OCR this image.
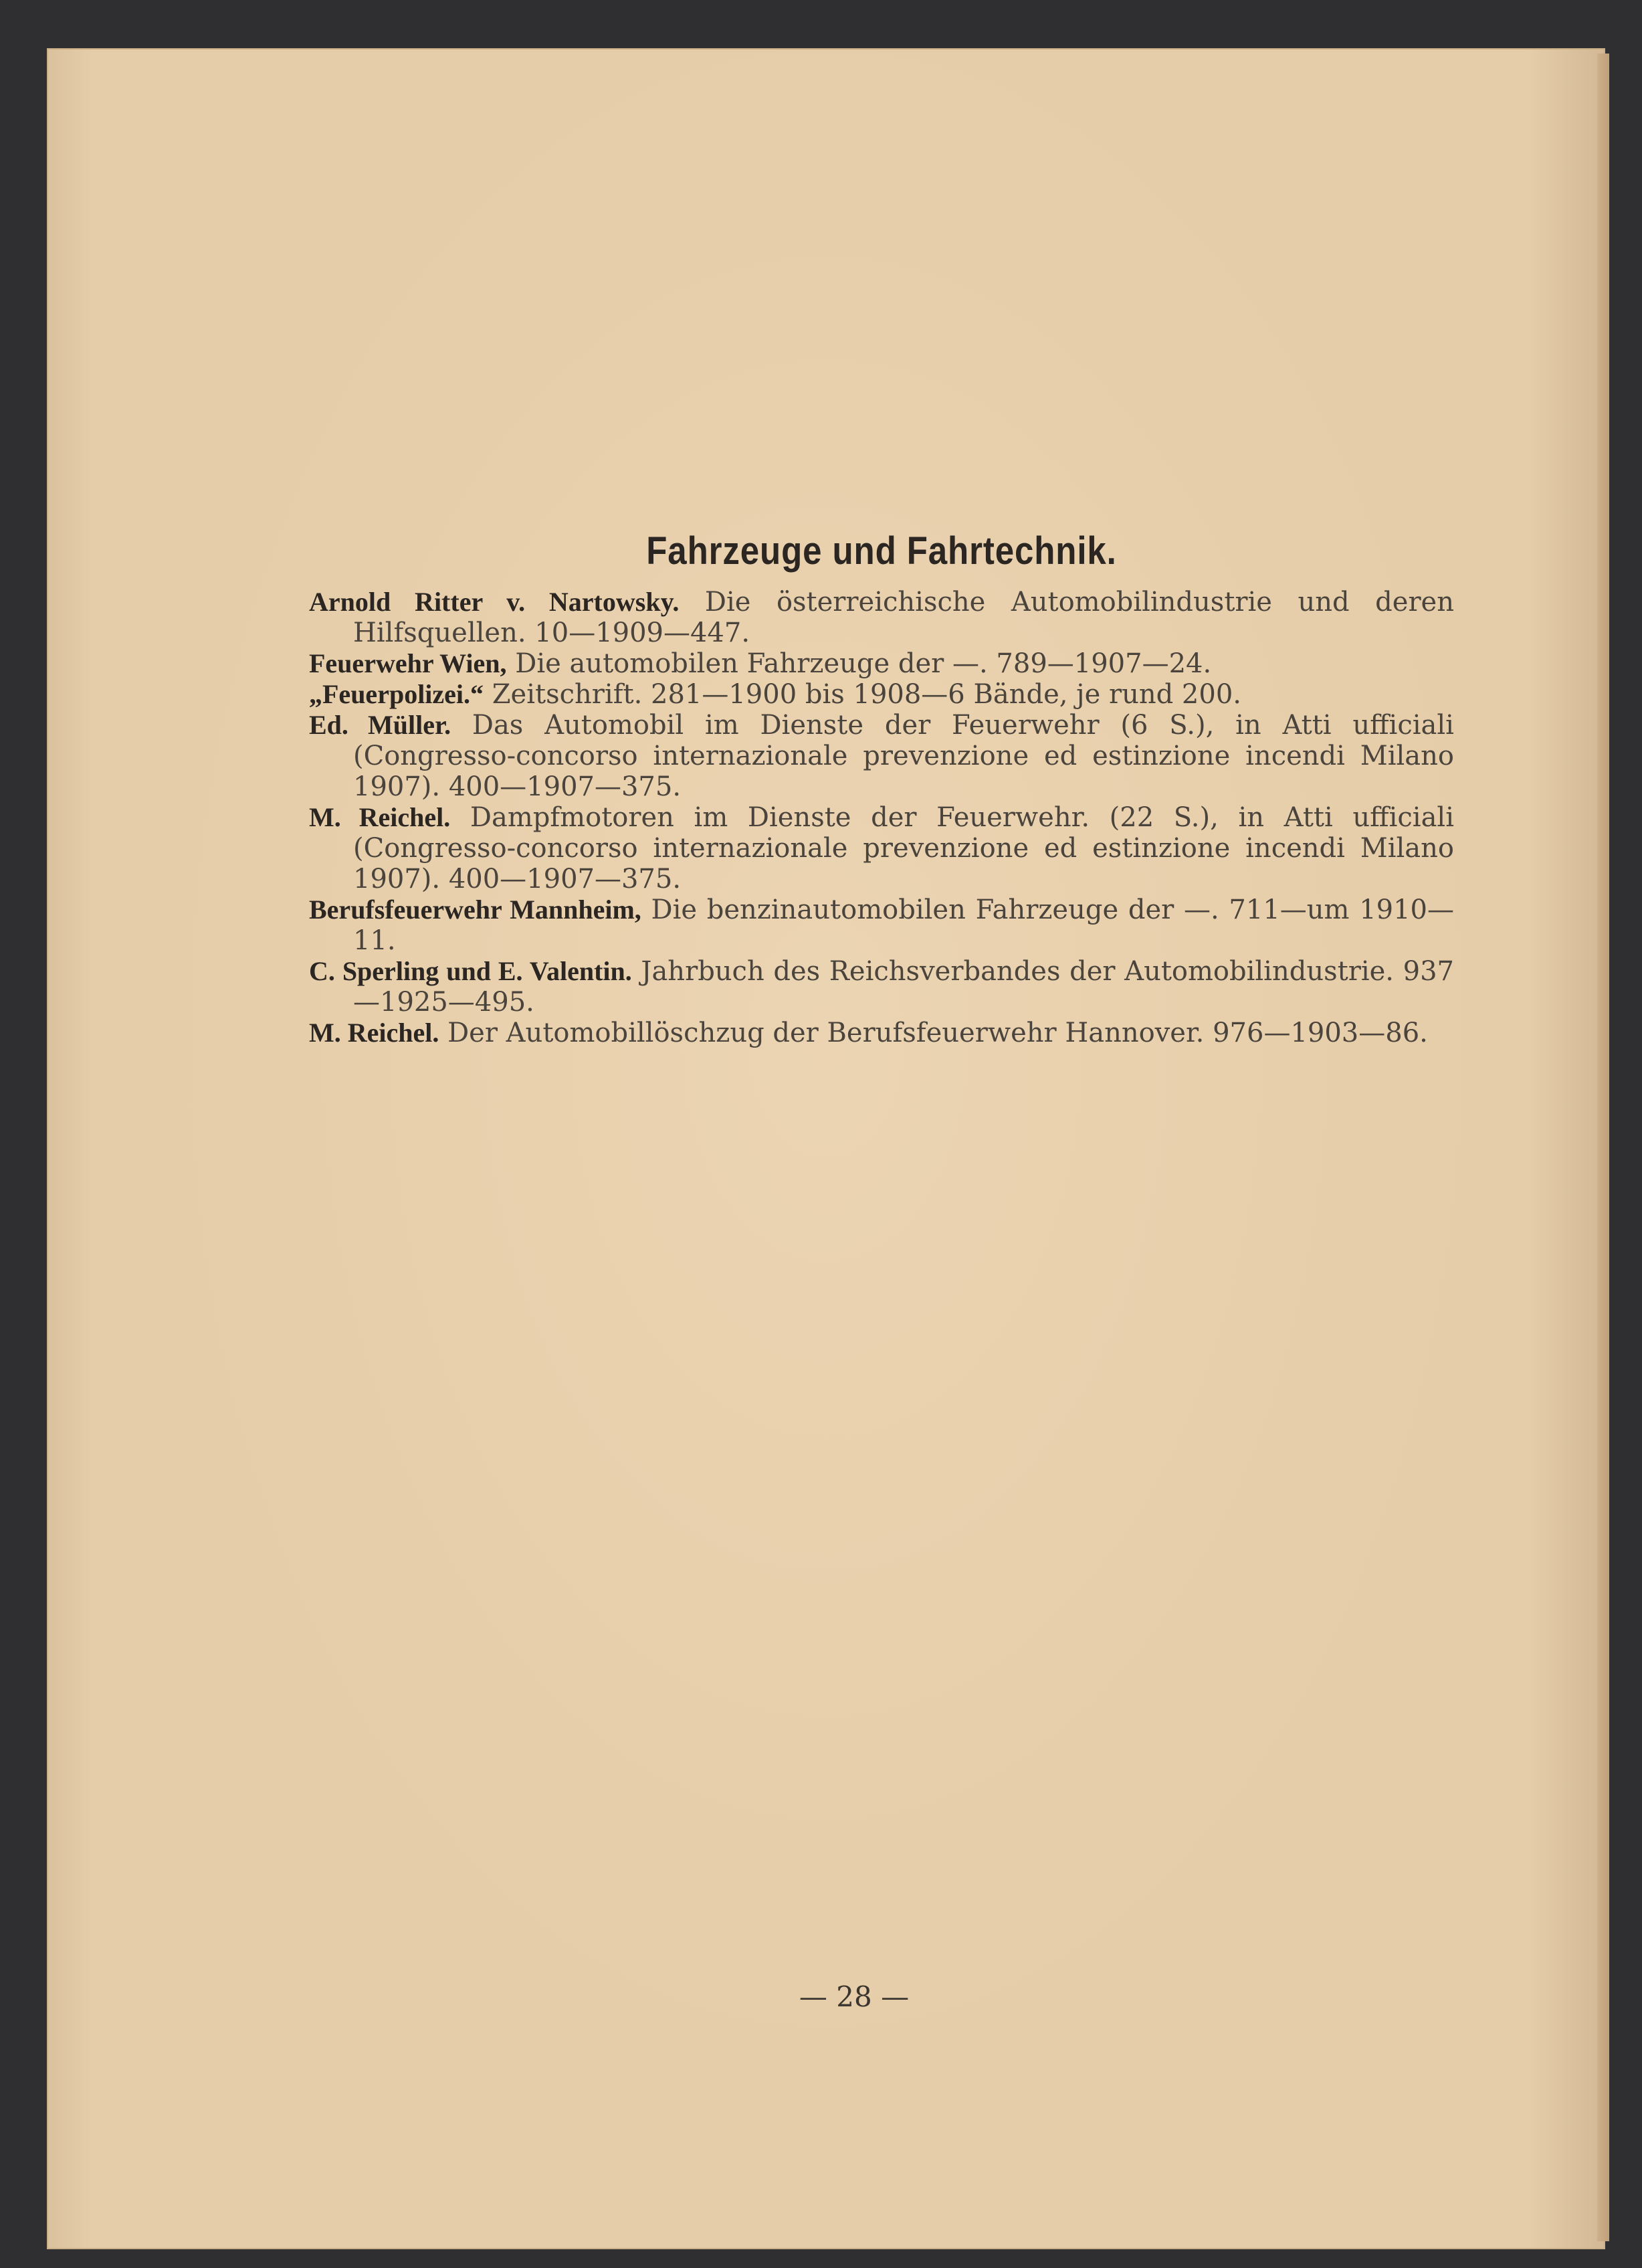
Fahrzeuge und Fahrtechnik.
Arnold Ritter v. Nartowsky. Die österreichische Automobilindustrie und deren Hilfsquellen. 10—1909—447.
Feuerwehr Wien, Die automobilen Fahrzeuge der —. 789—1907—24.
„Feuerpolizei.“ Zeitschrift. 281—1900 bis 1908—6 Bände, je rund 200.
Ed. Müller. Das Automobil im Dienste der Feuerwehr (6 S.), in Atti ufficiali (Congresso-concorso internazionale prevenzione ed estinzione incendi Milano 1907). 400—1907—375.
M. Reichel. Dampfmotoren im Dienste der Feuerwehr. (22 S.), in Atti ufficiali (Congresso-concorso internazionale prevenzione ed estinzione incendi Milano 1907). 400—1907—375.
Berufsfeuerwehr Mannheim, Die benzinautomobilen Fahrzeuge der —. 711—um 1910—11.
C. Sperling und E. Valentin. Jahrbuch des Reichsverbandes der Automobilindustrie. 937—1925—495.
M. Reichel. Der Automobillöschzug der Berufsfeuerwehr Hannover. 976—1903—86.
— 28 —
